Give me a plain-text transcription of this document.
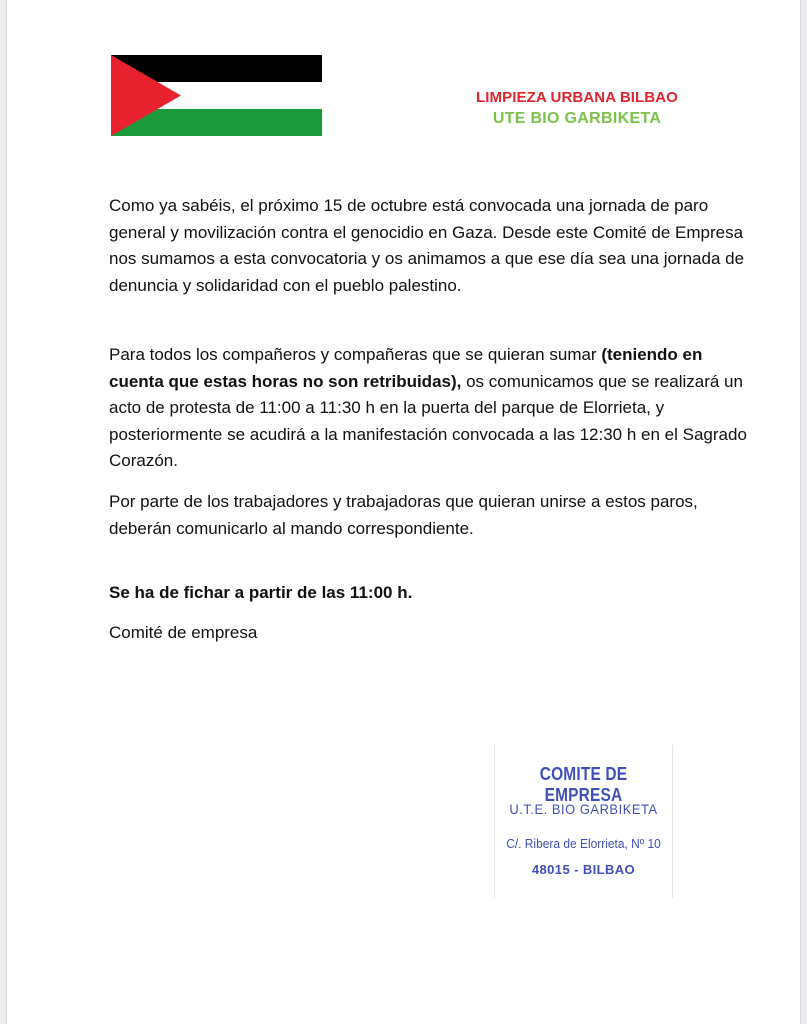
LIMPIEZA URBANA BILBAO
UTE BIO GARBIKETA

Como ya sabéis, el próximo 15 de octubre está convocada una jornada de paro general y movilización contra el genocidio en Gaza. Desde este Comité de Empresa nos sumamos a esta convocatoria y os animamos a que ese día sea una jornada de denuncia y solidaridad con el pueblo palestino.

Para todos los compañeros y compañeras que se quieran sumar (teniendo en cuenta que estas horas no son retribuidas), os comunicamos que se realizará un acto de protesta de 11:00 a 11:30 h en la puerta del parque de Elorrieta, y posteriormente se acudirá a la manifestación convocada a las 12:30 h en el Sagrado Corazón.

Por parte de los trabajadores y trabajadoras que quieran unirse a estos paros, deberán comunicarlo al mando correspondiente.

Se ha de fichar a partir de las 11:00 h.
Comité de empresa
COMITE DE EMPRESA
U.T.E. BIO GARBIKETA
C/. Ribera de Elorrieta, Nº 10
48015 - BILBAO
